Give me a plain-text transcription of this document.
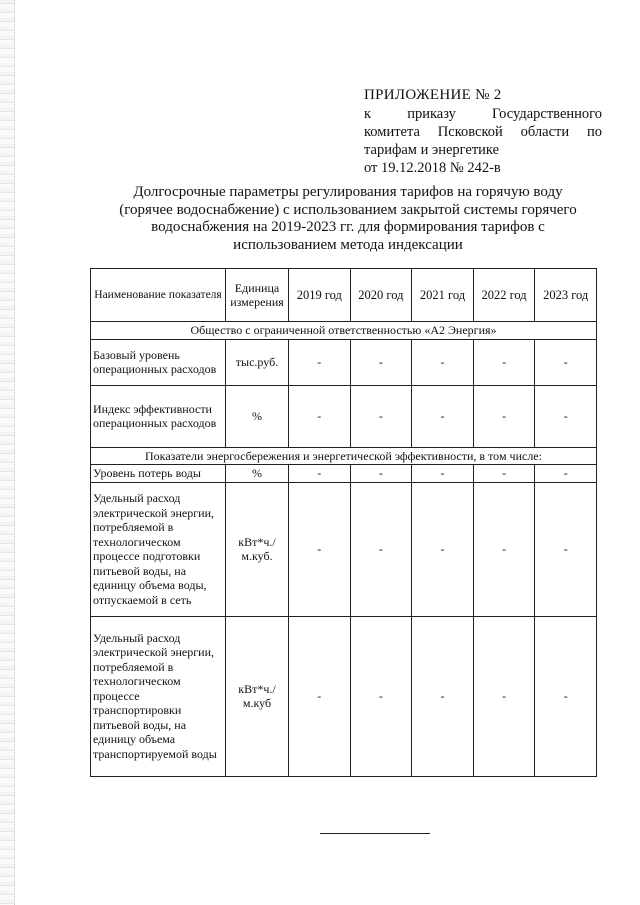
ПРИЛОЖЕНИЕ № 2
к приказу Государственного
комитета Псковской области по
тарифам и энергетике
от 19.12.2018 № 242-в
Долгосрочные параметры регулирования тарифов на горячую воду (горячее водоснабжение) с использованием закрытой системы горячего водоснабжения на 2019-2023 гг. для формирования тарифов с использованием метода индексации
Наименование показателя	Единица измерения	2019 год	2020 год	2021 год	2022 год	2023 год
Общество с ограниченной ответственностью «А2 Энергия»						
Базовый уровень операционных расходов	тыс.руб.	-	-	-	-	-
Индекс эффективности операционных расходов	%	-	-	-	-	-
Показатели энергосбережения и энергетической эффективности, в том числе:						
Уровень потерь воды	%	-	-	-	-	-
Удельный расход электрической энергии, потребляемой в технологическом процессе подготовки питьевой воды, на единицу объема воды, отпускаемой в сеть	кВт*ч./м.куб.	-	-	-	-	-
Удельный расход электрической энергии, потребляемой в технологическом процессе транспортировки питьевой воды, на единицу объема транспортируемой воды	кВт*ч./м.куб	-	-	-	-	-
